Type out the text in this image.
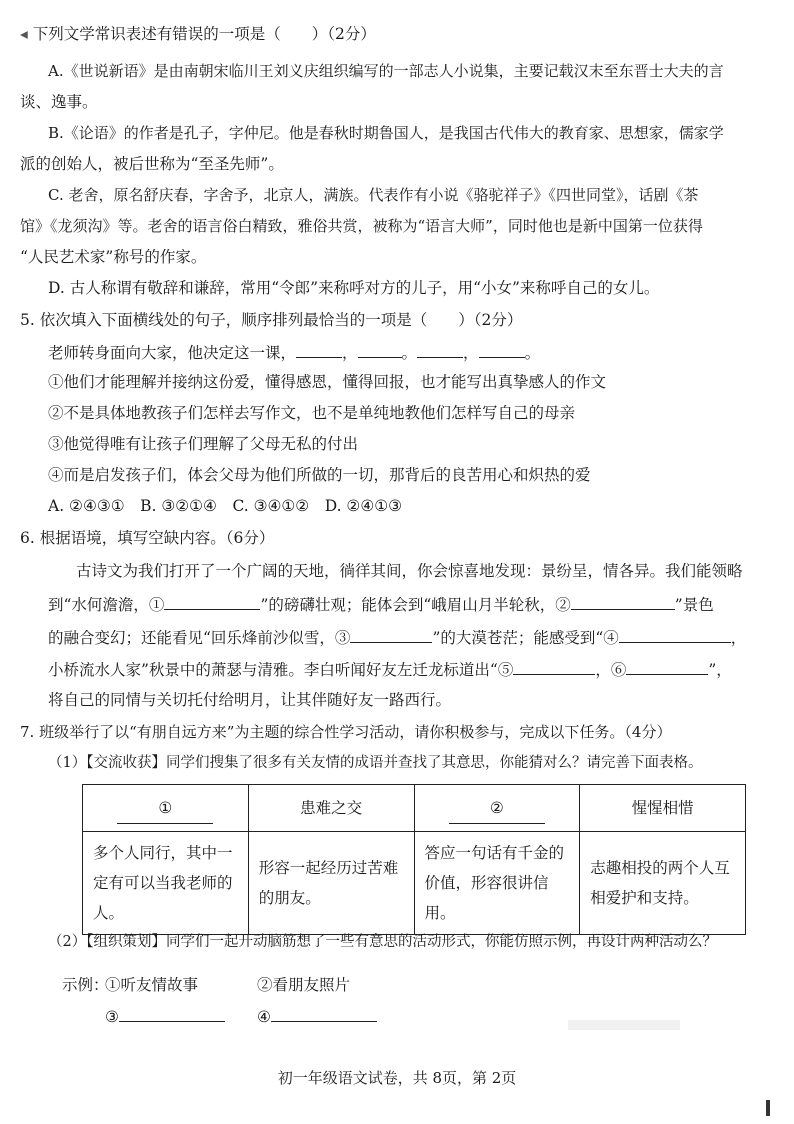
◂ 下列文学常识表述有错误的一项是（　　）（2分）
A.《世说新语》是由南朝宋临川王刘义庆组织编写的一部志人小说集，主要记载汉末至东晋士大夫的言
谈、逸事。
B.《论语》的作者是孔子，字仲尼。他是春秋时期鲁国人，是我国古代伟大的教育家、思想家，儒家学
派的创始人，被后世称为“至圣先师”。
C. 老舍，原名舒庆春，字舍予，北京人，满族。代表作有小说《骆驼祥子》《四世同堂》，话剧《茶
馆》《龙须沟》等。老舍的语言俗白精致，雅俗共赏，被称为“语言大师”，同时他也是新中国第一位获得
“人民艺术家”称号的作家。
D. 古人称谓有敬辞和谦辞，常用“令郎”来称呼对方的儿子，用“小女”来称呼自己的女儿。
5. 依次填入下面横线处的句子，顺序排列最恰当的一项是（　　）（2分）
老师转身面向大家，他决定这一课，	，	。	，	。
①他们才能理解并接纳这份爱，懂得感恩，懂得回报，也才能写出真挚感人的作文
②不是具体地教孩子们怎样去写作文，也不是单纯地教他们怎样写自己的母亲
③他觉得唯有让孩子们理解了父母无私的付出
④而是启发孩子们，体会父母为他们所做的一切，那背后的良苦用心和炽热的爱
A. ②④③①　B. ③②①④　C. ③④①②　D. ②④①③
6. 根据语境，填写空缺内容。（6分）
古诗文为我们打开了一个广阔的天地，徜徉其间，你会惊喜地发现：景纷呈，情各异。我们能领略
到“水何澹澹，①	”的磅礴壮观；能体会到“峨眉山月半轮秋，②	”景色
的融合变幻；还能看见“回乐烽前沙似雪，③	”的大漠苍茫；能感受到“④	，
小桥流水人家”秋景中的萧瑟与清雅。李白听闻好友左迁龙标道出“⑤	，⑥	”，
将自己的同情与关切托付给明月，让其伴随好友一路西行。
7. 班级举行了以“有朋自远方来”为主题的综合性学习活动，请你积极参与，完成以下任务。（4分）
（1）【交流收获】同学们搜集了很多有关友情的成语并查找了其意思，你能猜对么？请完善下面表格。
①	患难之交	②	惺惺相惜
多个人同行，其中一定有可以当我老师的人。	形容一起经历过苦难的朋友。	答应一句话有千金的价值，形容很讲信用。	志趣相投的两个人互相爱护和支持。
（2）【组织策划】同学们一起开动脑筋想了一些有意思的活动形式，你能仿照示例，再设计两种活动么？
示例：
①听友情故事	②看朋友照片
③	④
初一年级语文试卷，共 8页，第 2页
